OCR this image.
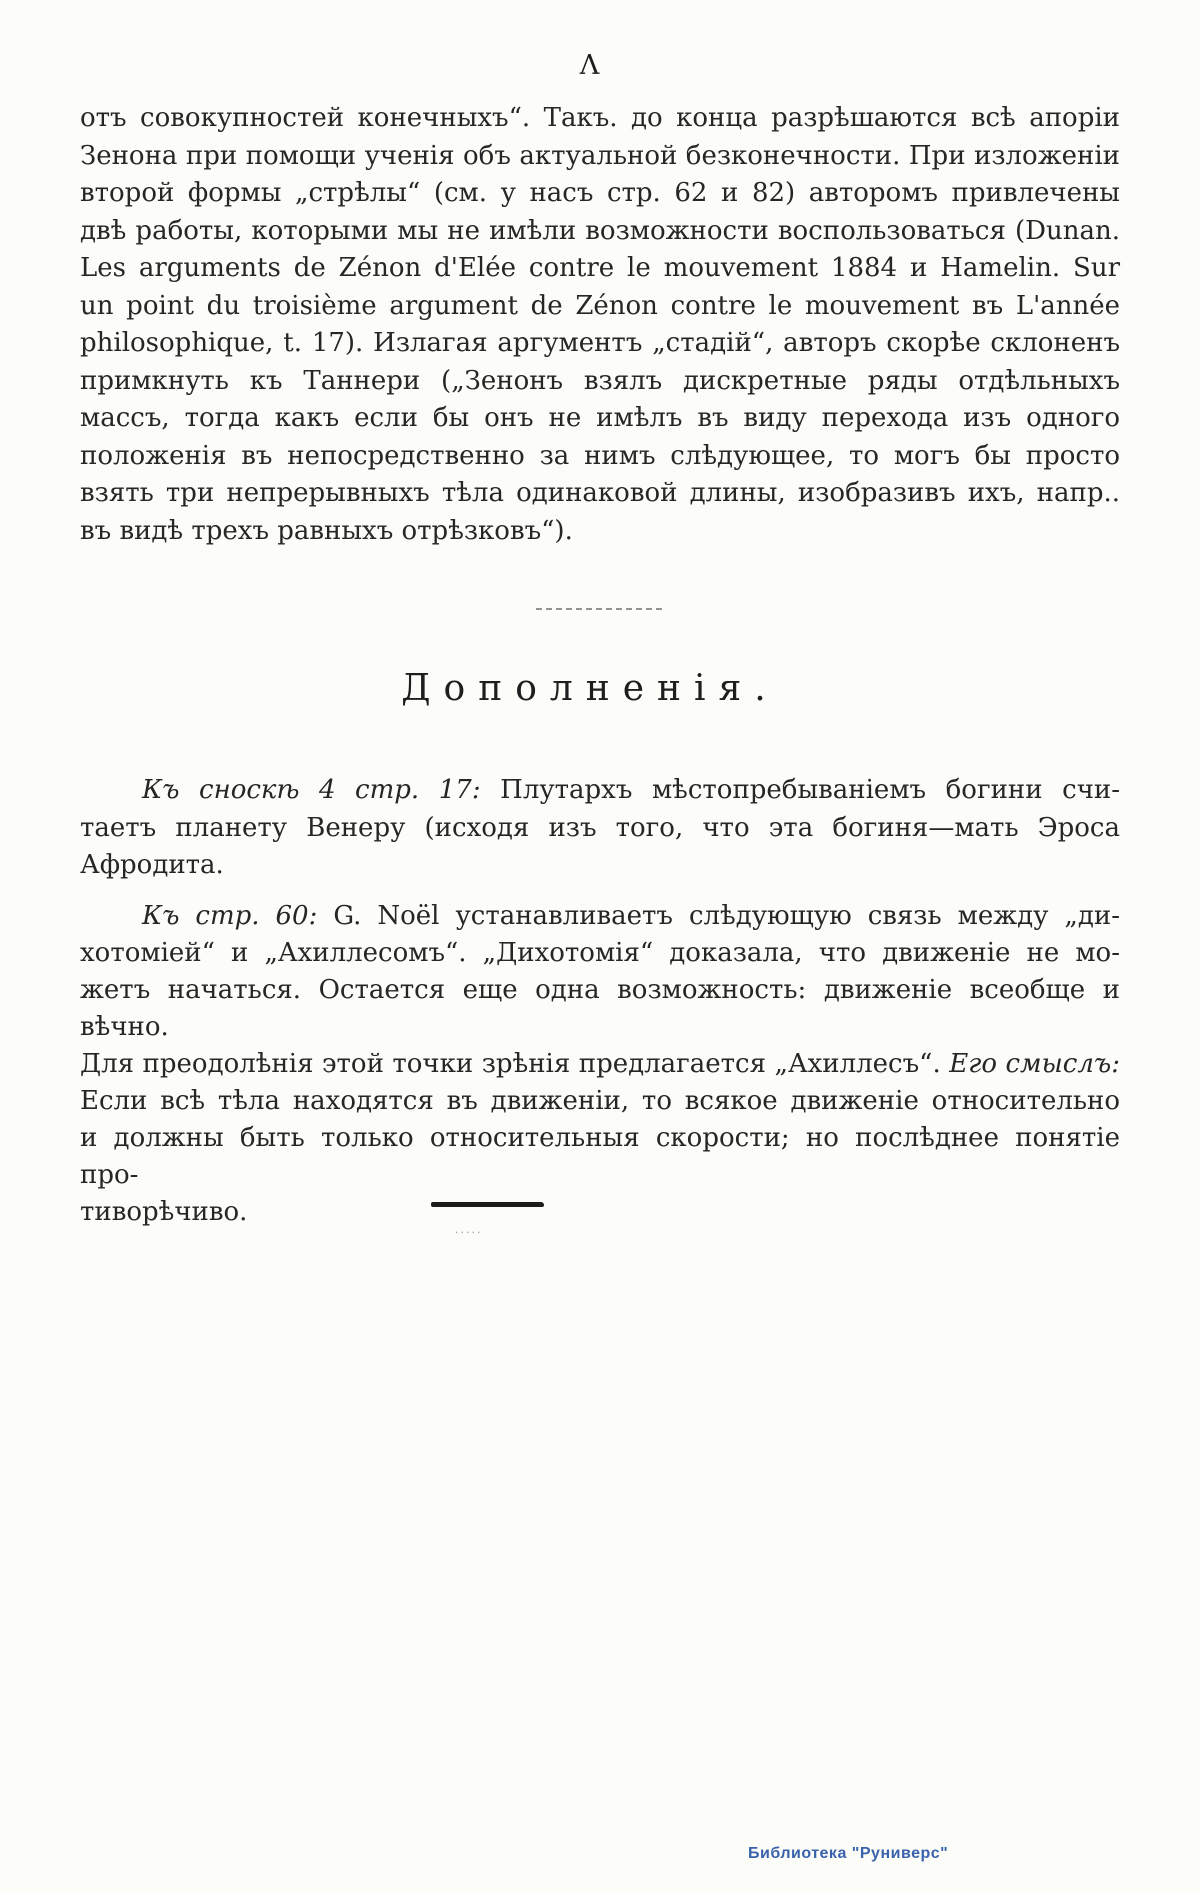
Λ
отъ совокупностей конечныхъ“. Такъ. до конца разрѣшаются всѣ апоріи
Зенона при помощи ученія объ актуальной безконечности. При изложеніи
второй формы „стрѣлы“ (см. у насъ стр. 62 и 82) авторомъ привлечены
двѣ работы, которыми мы не имѣли возможности воспользоваться (Dunan.
Les arguments de Zénon d'Elée contre le mouvement 1884 и Hamelin. Sur
un point du troisième argument de Zénon contre le mouvement въ L'année
philosophique, t. 17). Излагая аргументъ „стадій“, авторъ скорѣе склоненъ
примкнуть къ Таннери („Зенонъ взялъ дискретные ряды отдѣльныхъ
массъ, тогда какъ если бы онъ не имѣлъ въ виду перехода изъ одного
положенія въ непосредственно за нимъ слѣдующее, то могъ бы просто
взять три непрерывныхъ тѣла одинаковой длины, изобразивъ ихъ, напр..
въ видѣ трехъ равныхъ отрѣзковъ“).
Дополненія.
Къ сноскѣ 4 стр. 17: Плутархъ мѣстопребываніемъ богини счи-
таетъ планету Венеру (исходя изъ того, что эта богиня—мать Эроса
Афродита.
Къ стр. 60: G. Noël устанавливаетъ слѣдующую связь между „ди-
хотоміей“ и „Ахиллесомъ“. „Дихотомія“ доказала, что движеніе не мо-
жетъ начаться. Остается еще одна возможность: движеніе всеобще и вѣчно.
Для преодолѣнія этой точки зрѣнія предлагается „Ахиллесъ“. Его смыслъ:
Если всѣ тѣла находятся въ движеніи, то всякое движеніе относительно
и должны быть только относительныя скорости; но послѣднее понятіе про-
тиворѣчиво.
·····
Библиотека "Руниверс"
